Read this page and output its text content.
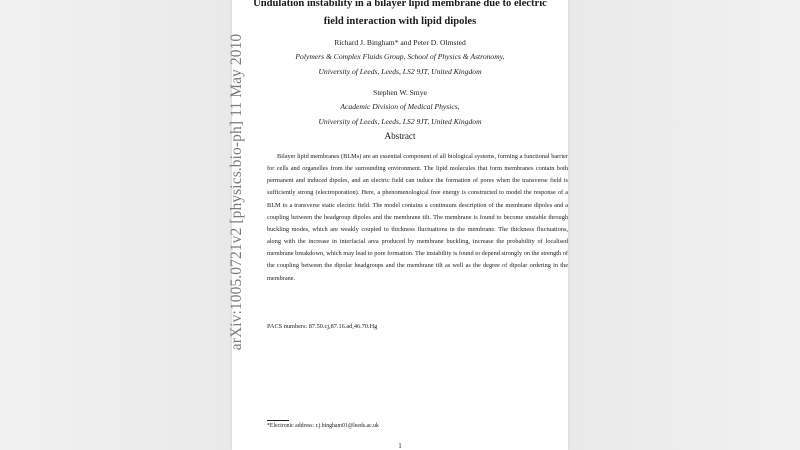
arXiv:1005.0721v2 [physics.bio-ph] 11 May 2010
Undulation instability in a bilayer lipid membrane due to electric
field interaction with lipid dipoles
Richard J. Bingham* and Peter D. Olmsted
Polymers & Complex Fluids Group, School of Physics & Astronomy,
University of Leeds, Leeds, LS2 9JT, United Kingdom
Stephen W. Smye
Academic Division of Medical Physics,
University of Leeds, Leeds, LS2 9JT, United Kingdom
Abstract
Bilayer lipid membranes (BLMs) are an essential component of all biological systems, forming a functional barrier for cells and organelles from the surrounding environment. The lipid molecules that form membranes contain both permanent and induced dipoles, and an electric field can induce the formation of pores when the transverse field is sufficiently strong (electroporation). Here, a phenomenological free energy is constructed to model the response of a BLM to a transverse static electric field. The model contains a continuum description of the membrane dipoles and a coupling between the headgroup dipoles and the membrane tilt. The membrane is found to become unstable through buckling modes, which are weakly coupled to thickness fluctuations in the membrane. The thickness fluctuations, along with the increase in interfacial area produced by membrane buckling, increase the probability of localised membrane breakdown, which may lead to pore formation. The instability is found to depend strongly on the strength of the coupling between the dipolar headgroups and the membrane tilt as well as the degree of dipolar ordering in the membrane.
PACS numbers: 87.50.cj,87.16.ad,46.70.Hg
*Electronic address: r.j.bingham01@leeds.ac.uk
1
